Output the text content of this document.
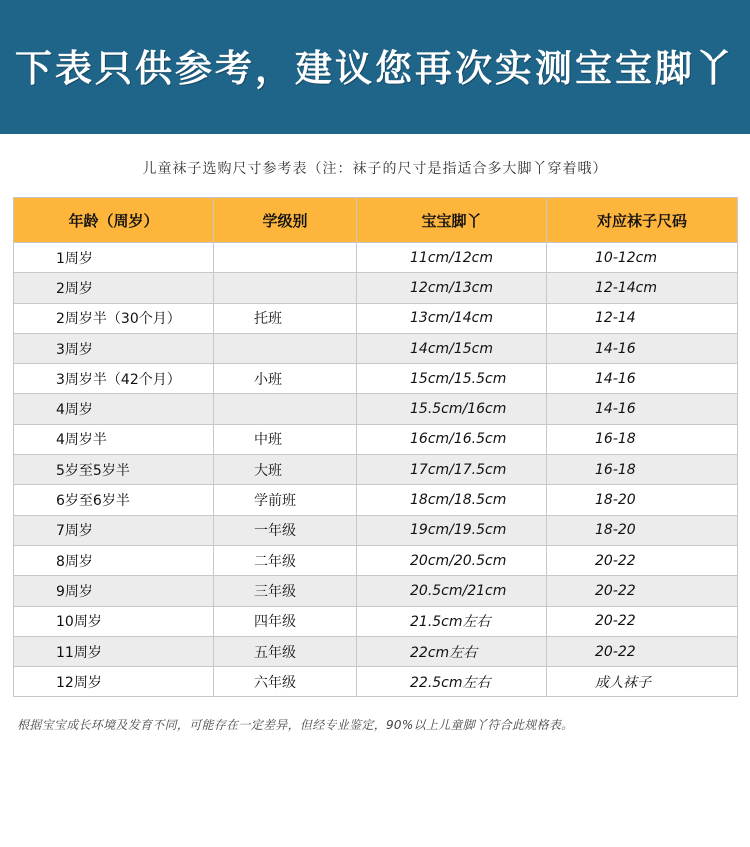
下表只供参考，建议您再次实测宝宝脚丫
儿童袜子选购尺寸参考表（注：袜子的尺寸是指适合多大脚丫穿着哦）
年龄（周岁）	学级别	宝宝脚丫	对应袜子尺码
1周岁		11cm/12cm	10-12cm
2周岁		12cm/13cm	12-14cm
2周岁半（30个月）	托班	13cm/14cm	12-14
3周岁		14cm/15cm	14-16
3周岁半（42个月）	小班	15cm/15.5cm	14-16
4周岁		15.5cm/16cm	14-16
4周岁半	中班	16cm/16.5cm	16-18
5岁至5岁半	大班	17cm/17.5cm	16-18
6岁至6岁半	学前班	18cm/18.5cm	18-20
7周岁	一年级	19cm/19.5cm	18-20
8周岁	二年级	20cm/20.5cm	20-22
9周岁	三年级	20.5cm/21cm	20-22
10周岁	四年级	21.5cm左右	20-22
11周岁	五年级	22cm左右	20-22
12周岁	六年级	22.5cm左右	成人袜子
根据宝宝成长环境及发育不同，可能存在一定差异，但经专业鉴定，90%以上儿童脚丫符合此规格表。
